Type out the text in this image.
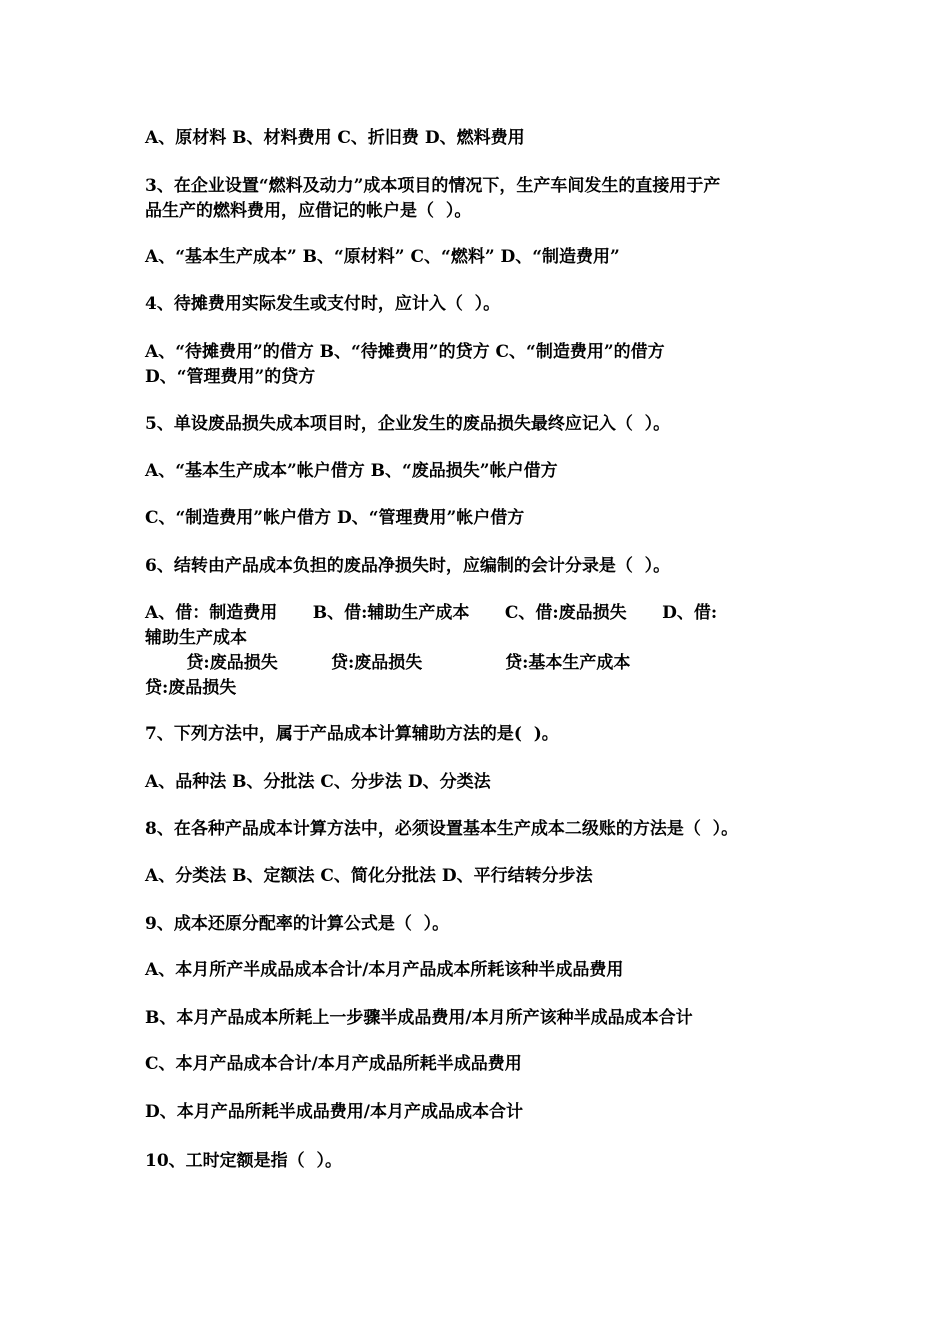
A、原材料 B、材料费用 C、折旧费 D、燃料费用
3、在企业设置“燃料及动力”成本项目的情况下，生产车间发生的直接用于产
品生产的燃料费用，应借记的帐户是（  ）。
A、“基本生产成本” B、“原材料” C、“燃料” D、“制造费用”
4、待摊费用实际发生或支付时，应计入（  ）。
A、“待摊费用”的借方 B、“待摊费用”的贷方 C、“制造费用”的借方
D、“管理费用”的贷方
5、单设废品损失成本项目时，企业发生的废品损失最终应记入（  ）。
A、“基本生产成本”帐户借方 B、“废品损失”帐户借方
C、“制造费用”帐户借方 D、“管理费用”帐户借方
6、结转由产品成本负担的废品净损失时，应编制的会计分录是（  ）。
A、借：制造费用      B、借:辅助生产成本      C、借:废品损失      D、借:
辅助生产成本
贷:废品损失         贷:废品损失              贷:基本生产成本
贷:废品损失
7、下列方法中，属于产品成本计算辅助方法的是(  )。
A、品种法 B、分批法 C、分步法 D、分类法
8、在各种产品成本计算方法中，必须设置基本生产成本二级账的方法是（  ）。
A、分类法 B、定额法 C、简化分批法 D、平行结转分步法
9、成本还原分配率的计算公式是（  ）。
A、本月所产半成品成本合计/本月产品成本所耗该种半成品费用
B、本月产品成本所耗上一步骤半成品费用/本月所产该种半成品成本合计
C、本月产品成本合计/本月产成品所耗半成品费用
D、本月产品所耗半成品费用/本月产成品成本合计
10、工时定额是指（  ）。
